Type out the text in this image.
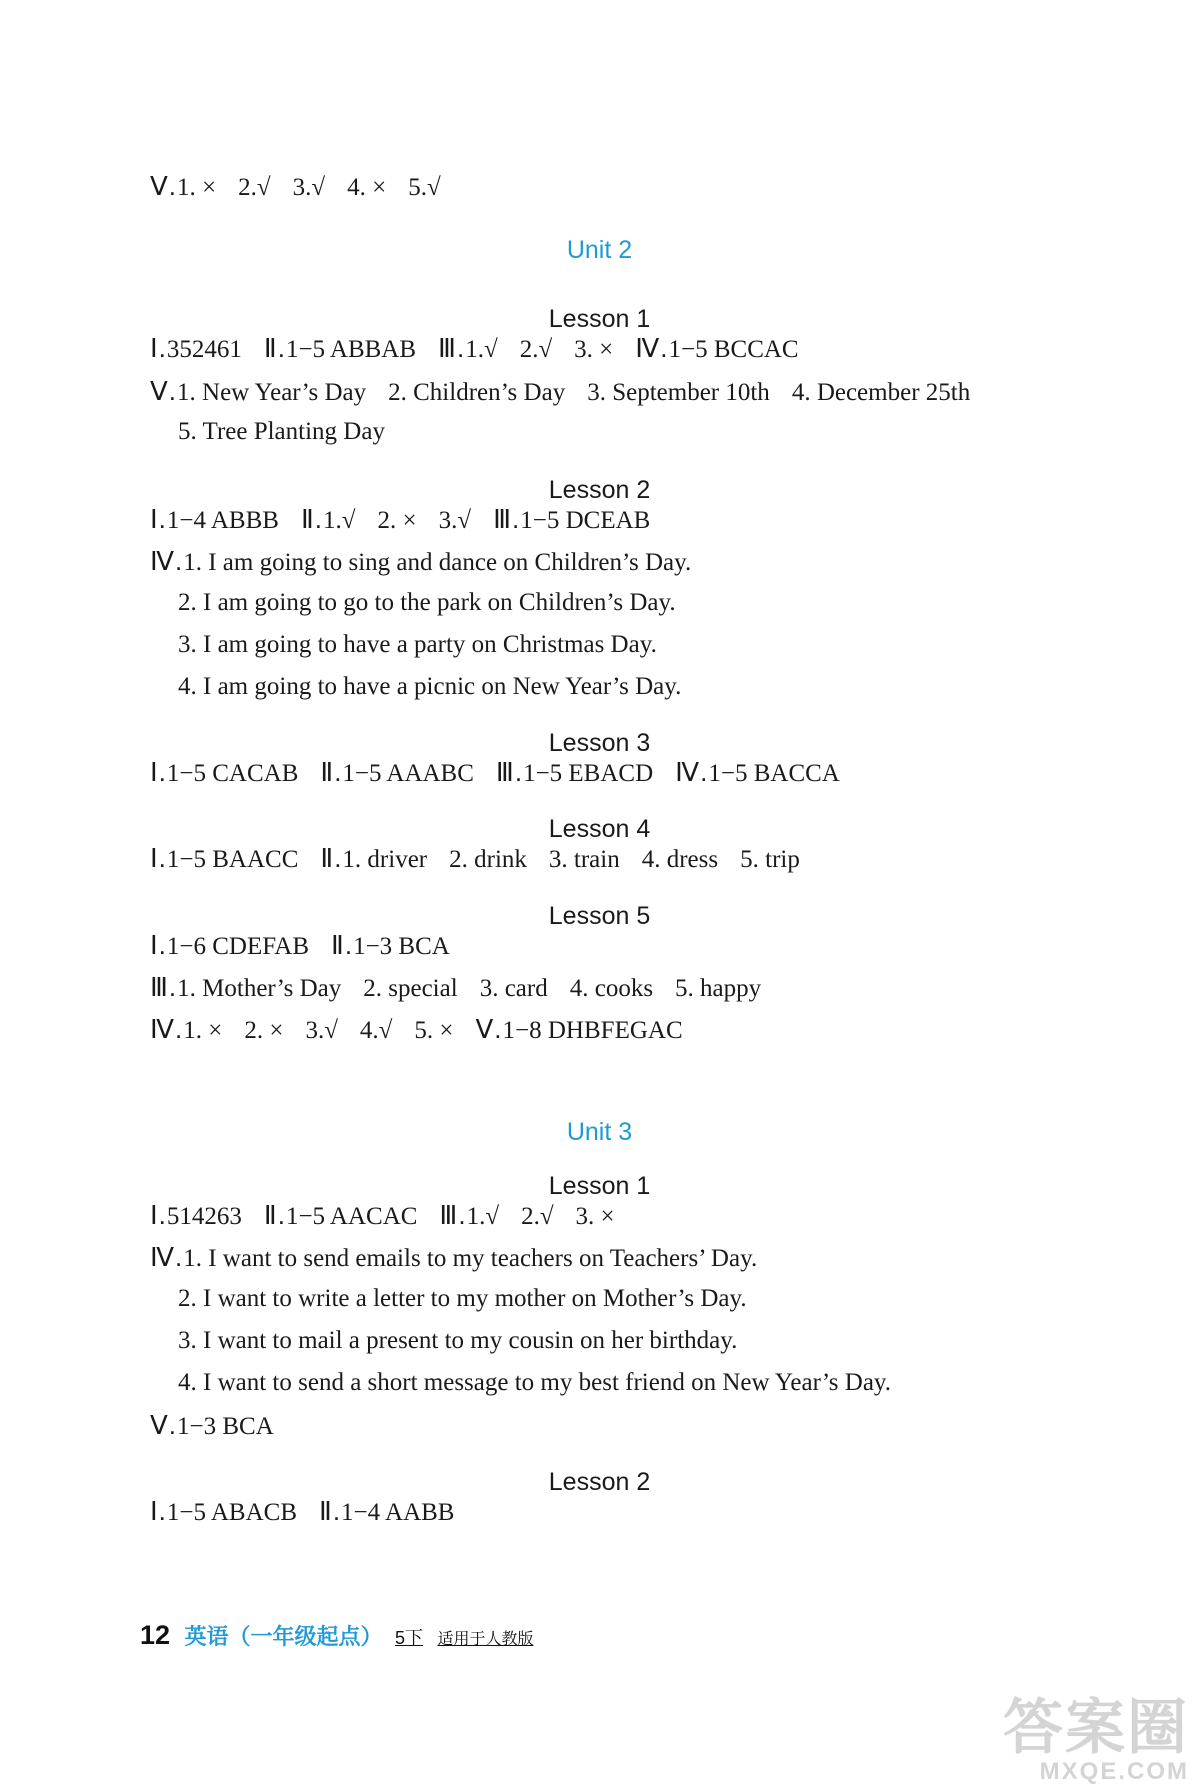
Unit 2
Unit 3
Lesson 1
Lesson 2
Lesson 3
Lesson 4
Lesson 5
Lesson 1
Lesson 2
Ⅴ.1. × 2.√ 3.√ 4. × 5.√
Ⅰ.352461 Ⅱ.1−5 ABBAB Ⅲ.1.√ 2.√ 3. × Ⅳ.1−5 BCCAC
Ⅴ.1. New Year’s Day 2. Children’s Day 3. September 10th 4. December 25th
5. Tree Planting Day
Ⅰ.1−4 ABBB Ⅱ.1.√ 2. × 3.√ Ⅲ.1−5 DCEAB
Ⅳ.1. I am going to sing and dance on Children’s Day.
2. I am going to go to the park on Children’s Day.
3. I am going to have a party on Christmas Day.
4. I am going to have a picnic on New Year’s Day.
Ⅰ.1−5 CACAB Ⅱ.1−5 AAABC Ⅲ.1−5 EBACD Ⅳ.1−5 BACCA
Ⅰ.1−5 BAACC Ⅱ.1. driver 2. drink 3. train 4. dress 5. trip
Ⅰ.1−6 CDEFAB Ⅱ.1−3 BCA
Ⅲ.1. Mother’s Day 2. special 3. card 4. cooks 5. happy
Ⅳ.1. × 2. × 3.√ 4.√ 5. × Ⅴ.1−8 DHBFEGAC
Ⅰ.514263 Ⅱ.1−5 AACAC Ⅲ.1.√ 2.√ 3. ×
Ⅳ.1. I want to send emails to my teachers on Teachers’ Day.
2. I want to write a letter to my mother on Mother’s Day.
3. I want to mail a present to my cousin on her birthday.
4. I want to send a short message to my best friend on New Year’s Day.
Ⅴ.1−3 BCA
Ⅰ.1−5 ABACB Ⅱ.1−4 AABB
12 英语（一年级起点） 5下 适用于人教版
答案圈
MXQE.COM
